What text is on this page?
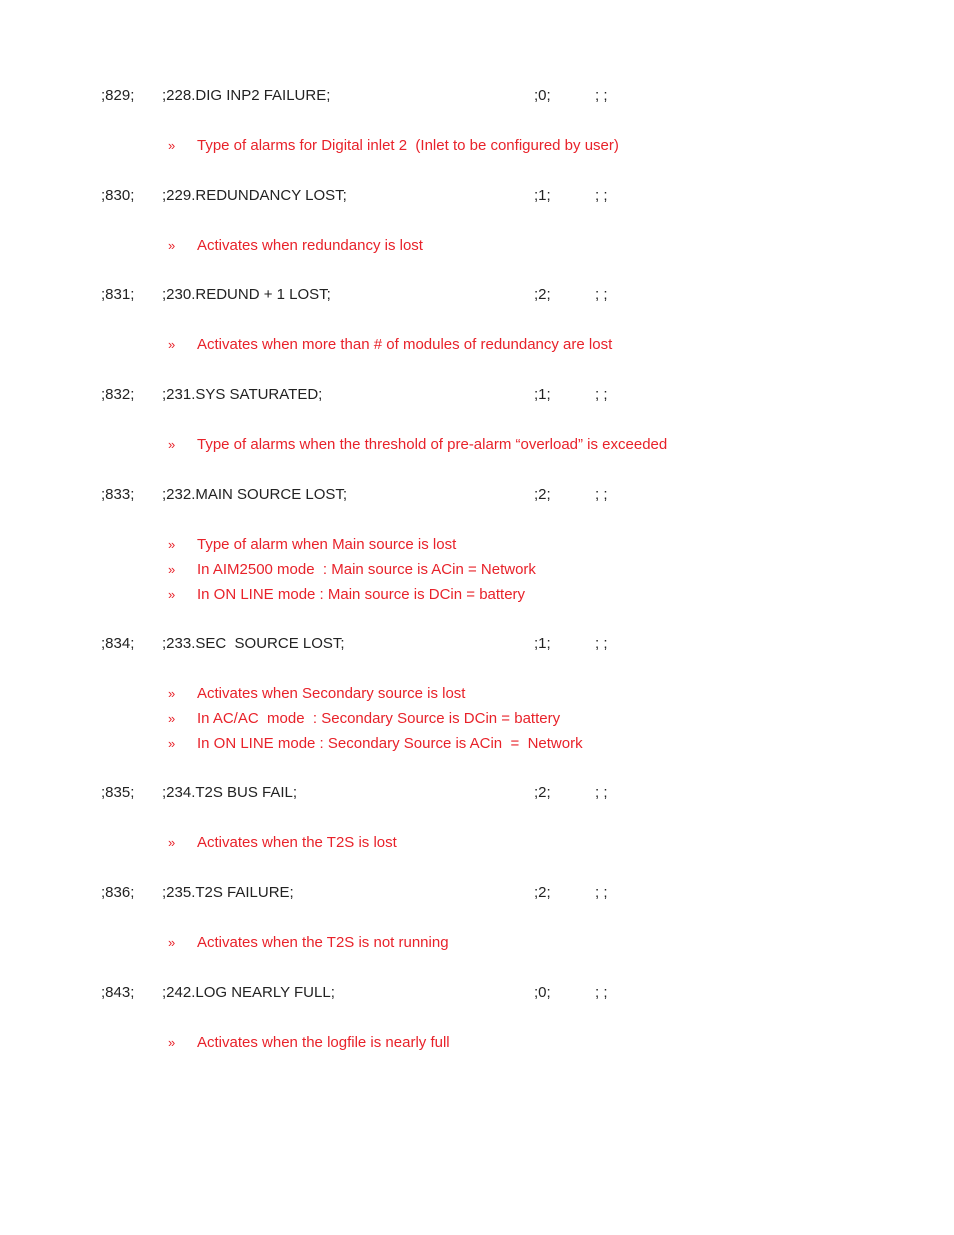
;829; ;228.DIG INP2 FAILURE;	;0;	; ;
» Type of alarms for Digital inlet 2  (Inlet to be configured by user)
;830; ;229.REDUNDANCY LOST;	;1;	; ;
» Activates when redundancy is lost
;831; ;230.REDUND + 1 LOST;	;2;	; ;
» Activates when more than # of modules of redundancy are lost
;832; ;231.SYS SATURATED;	;1;	; ;
» Type of alarms when the threshold of pre-alarm “overload” is exceeded
;833; ;232.MAIN SOURCE LOST;	;2;	; ;
» Type of alarm when Main source is lost
» In AIM2500 mode  : Main source is ACin = Network
» In ON LINE mode : Main source is DCin = battery
;834; ;233.SEC  SOURCE LOST;	;1;	; ;
» Activates when Secondary source is lost
» In AC/AC  mode  : Secondary Source is DCin = battery
» In ON LINE mode : Secondary Source is ACin  =  Network
;835; ;234.T2S BUS FAIL;	;2;	; ;
» Activates when the T2S is lost
;836; ;235.T2S FAILURE;	;2;	; ;
» Activates when the T2S is not running
;843; ;242.LOG NEARLY FULL;	;0;	; ;
» Activates when the logfile is nearly full
